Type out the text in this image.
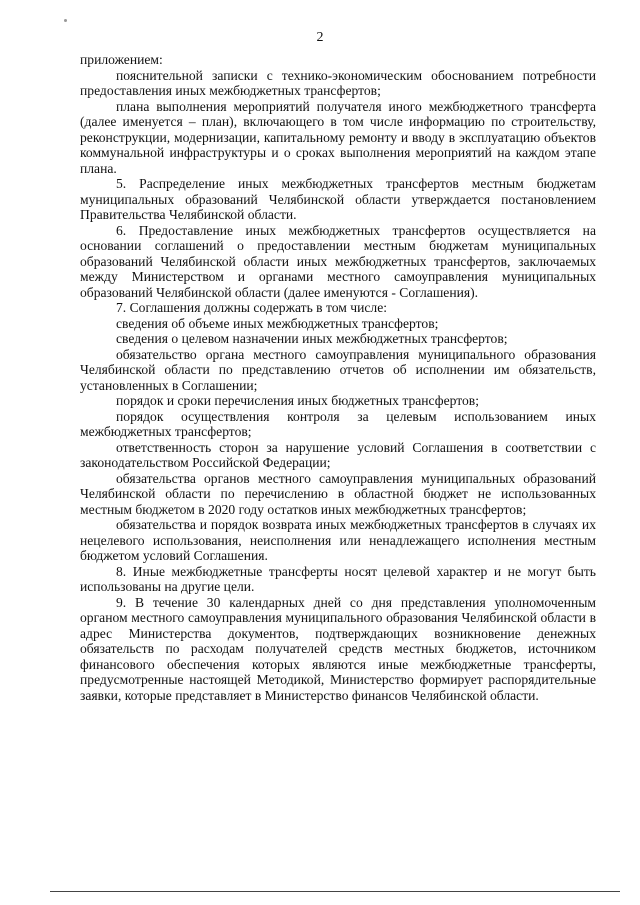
2

приложением:

пояснительной записки с технико-экономическим обоснованием потребности предоставления иных межбюджетных трансфертов;

плана выполнения мероприятий получателя иного межбюджетного трансферта (далее именуется – план), включающего в том числе информацию по строительству, реконструкции, модернизации, капитальному ремонту и вводу в эксплуатацию объектов коммунальной инфраструктуры и о сроках выполнения мероприятий на каждом этапе плана.

5. Распределение иных межбюджетных трансфертов местным бюджетам муниципальных образований Челябинской области утверждается постановлением Правительства Челябинской области.

6. Предоставление иных межбюджетных трансфертов осуществляется на основании соглашений о предоставлении местным бюджетам муниципальных образований Челябинской области иных межбюджетных трансфертов, заключаемых между Министерством и органами местного самоуправления муниципальных образований Челябинской области (далее именуются - Соглашения).

7. Соглашения должны содержать в том числе:

сведения об объеме иных межбюджетных трансфертов;

сведения о целевом назначении иных межбюджетных трансфертов;

обязательство органа местного самоуправления муниципального образования Челябинской области по представлению отчетов об исполнении им обязательств, установленных в Соглашении;

порядок и сроки перечисления иных бюджетных трансфертов;

порядок осуществления контроля за целевым использованием иных межбюджетных трансфертов;

ответственность сторон за нарушение условий Соглашения в соответствии с законодательством Российской Федерации;

обязательства органов местного самоуправления муниципальных образований Челябинской области по перечислению в областной бюджет не использованных местным бюджетом в 2020 году остатков иных межбюджетных трансфертов;

обязательства и порядок возврата иных межбюджетных трансфертов в случаях их нецелевого использования, неисполнения или ненадлежащего исполнения местным бюджетом условий Соглашения.

8. Иные межбюджетные трансферты носят целевой характер и не могут быть использованы на другие цели.

9. В течение 30 календарных дней со дня представления уполномоченным органом местного самоуправления муниципального образования Челябинской области в адрес Министерства документов, подтверждающих возникновение денежных обязательств по расходам получателей средств местных бюджетов, источником финансового обеспечения которых являются иные межбюджетные трансферты, предусмотренные настоящей Методикой, Министерство формирует распорядительные заявки, которые представляет в Министерство финансов Челябинской области.
